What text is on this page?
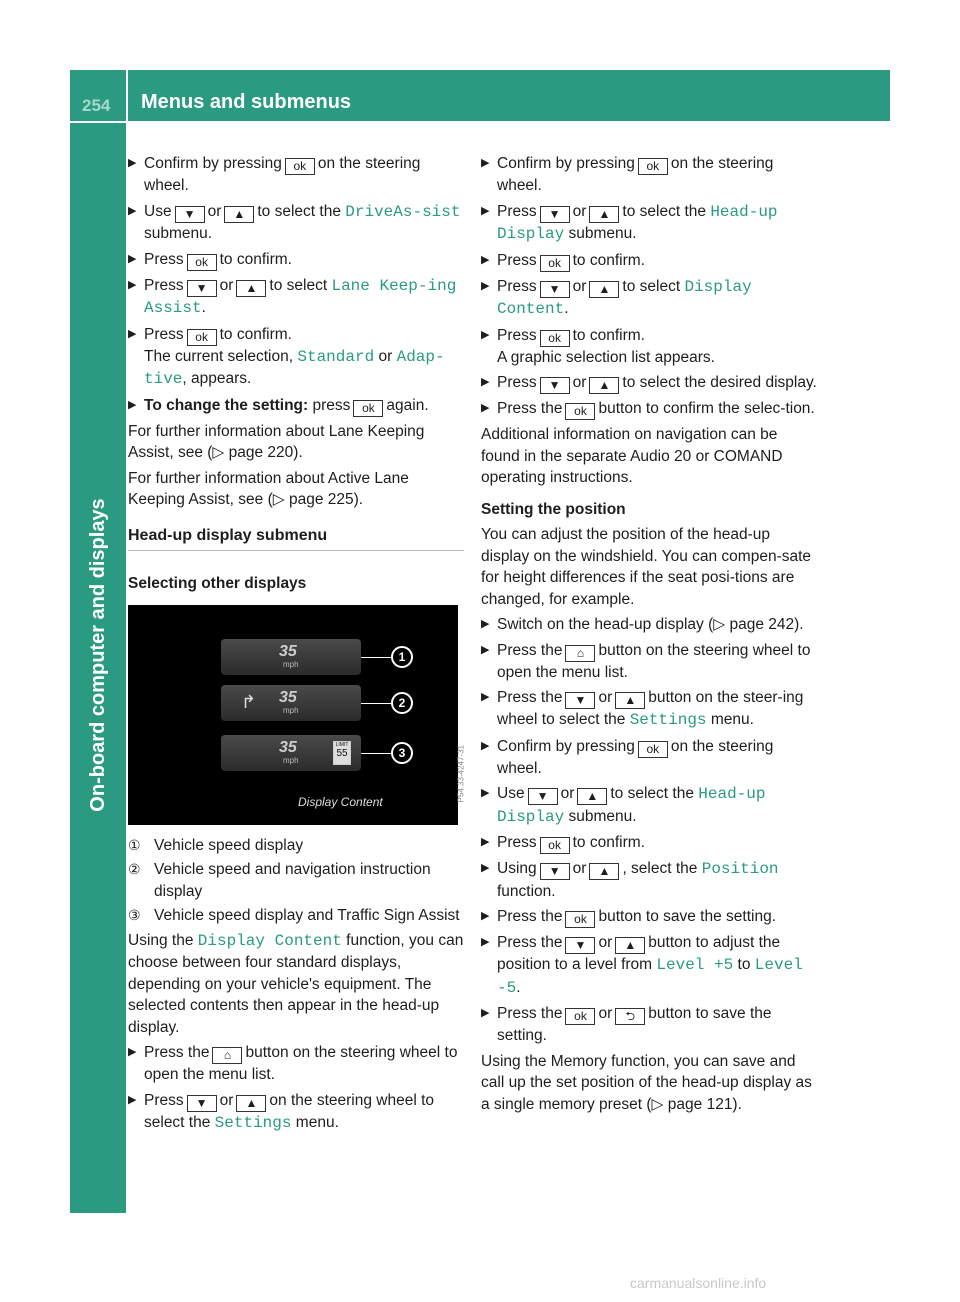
254 Menus and submenus
On-board computer and displays
▶ Confirm by pressing ok on the steering wheel.
▶ Use ▼ or ▲ to select the DriveAs-sist submenu.
▶ Press ok to confirm.
▶ Press ▼ or ▲ to select Lane Keep-ing Assist.
▶ Press ok to confirm.
The current selection, Standard or Adap-tive, appears.
▶ To change the setting: press ok again.
For further information about Lane Keeping Assist, see (▷ page 220).
For further information about Active Lane Keeping Assist, see (▷ page 225).
Head-up display submenu
Selecting other displays
35
mph
↱ 35
mph
35
mph
LIMIT
55
1
2
3
Display Content	P54.33-4247-31
① Vehicle speed display
② Vehicle speed and navigation instruction display
③ Vehicle speed display and Traffic Sign Assist
Using the Display Content function, you can choose between four standard displays, depending on your vehicle's equipment. The selected contents then appear in the head-up display.
▶ Press the ⌂ button on the steering wheel to open the menu list.
▶ Press ▼ or ▲ on the steering wheel to select the Settings menu.
▶ Confirm by pressing ok on the steering wheel.
▶ Press ▼ or ▲ to select the Head-up Display submenu.
▶ Press ok to confirm.
▶ Press ▼ or ▲ to select Display Content.
▶ Press ok to confirm.
A graphic selection list appears.
▶ Press ▼ or ▲ to select the desired display.
▶ Press the ok button to confirm the selec-tion.
Additional information on navigation can be found in the separate Audio 20 or COMAND operating instructions.
Setting the position
You can adjust the position of the head-up display on the windshield. You can compen-sate for height differences if the seat posi-tions are changed, for example.
▶ Switch on the head-up display (▷ page 242).
▶ Press the ⌂ button on the steering wheel to open the menu list.
▶ Press the ▼ or ▲ button on the steer-ing wheel to select the Settings menu.
▶ Confirm by pressing ok on the steering wheel.
▶ Use ▼ or ▲ to select the Head-up Display submenu.
▶ Press ok to confirm.
▶ Using ▼ or ▲ , select the Position function.
▶ Press the ok button to save the setting.
▶ Press the ▼ or ▲ button to adjust the position to a level from Level +5 to Level -5.
▶ Press the ok or ⮌ button to save the setting.
Using the Memory function, you can save and call up the set position of the head-up display as a single memory preset (▷ page 121).
carmanualsonline.info
